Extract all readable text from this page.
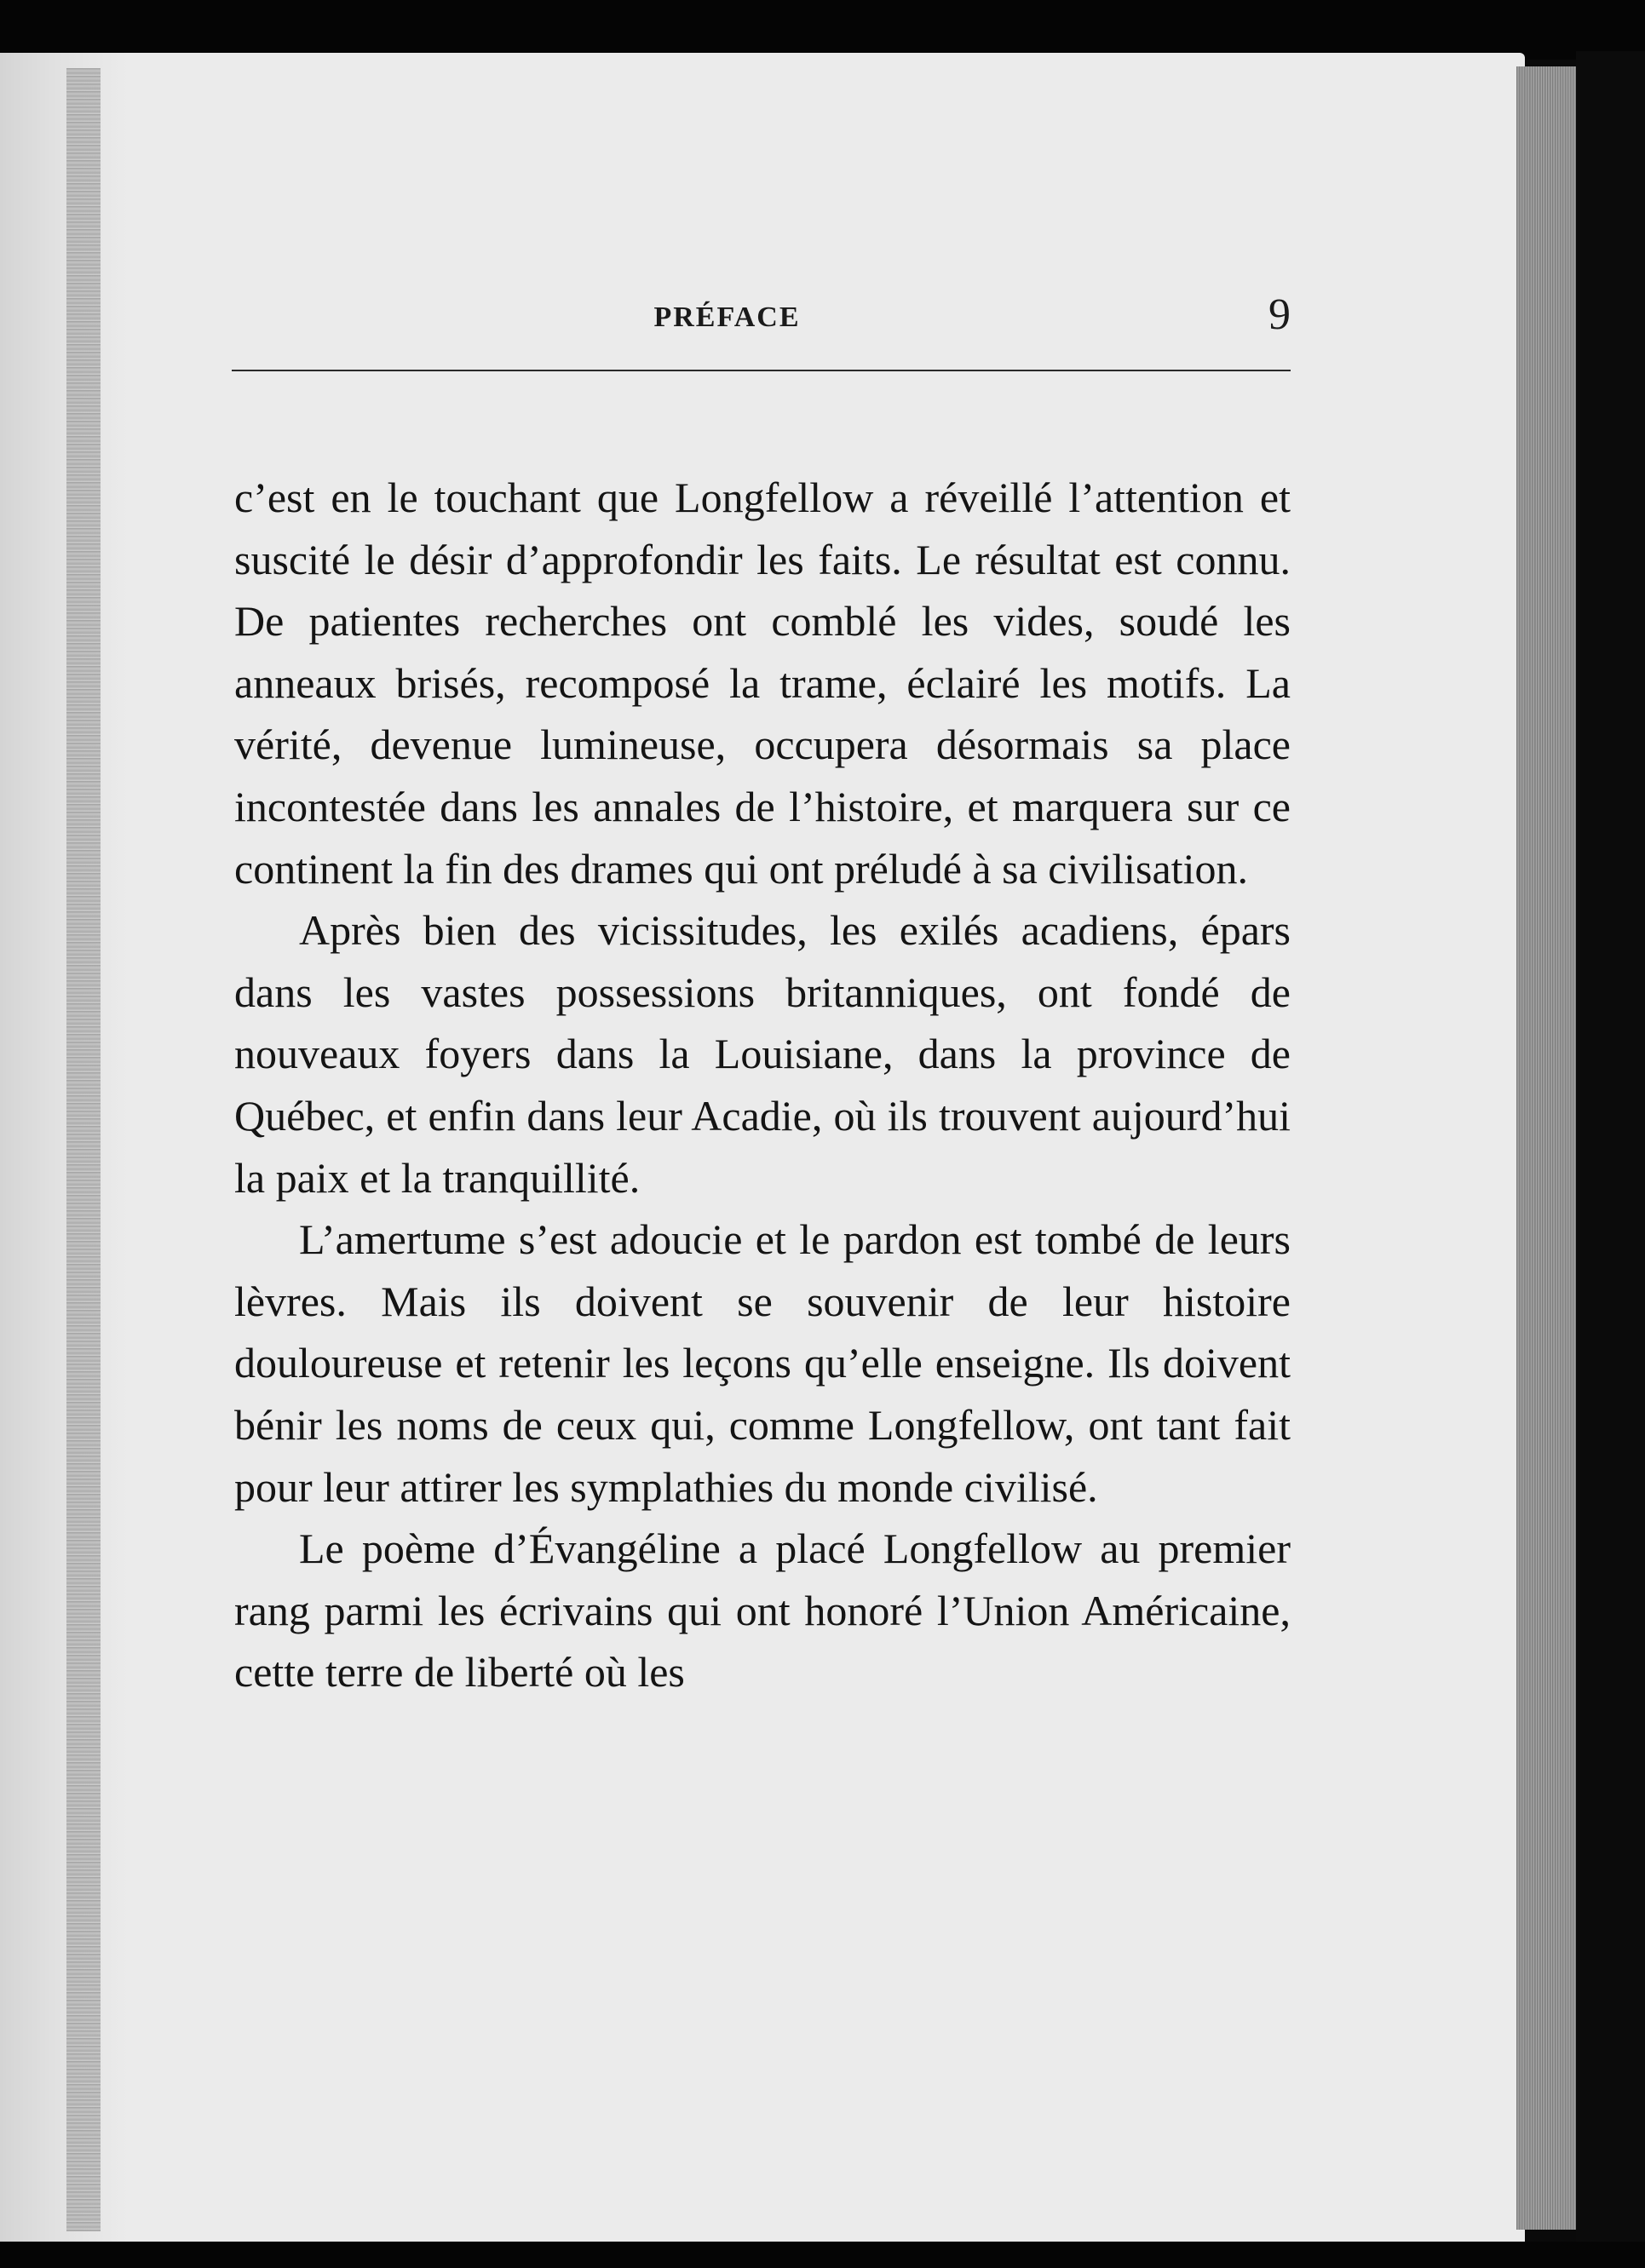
PRÉFACE	9

c’est en le touchant que Longfellow a réveillé l’attention et suscité le désir d’approfondir les faits. Le résultat est connu. De patientes recherches ont comblé les vides, soudé les anneaux brisés, recomposé la trame, éclairé les motifs. La vérité, devenue lumineuse, occupera désormais sa place incontestée dans les annales de l’histoire, et marquera sur ce continent la fin des drames qui ont préludé à sa civilisation.

Après bien des vicissitudes, les exilés acadiens, épars dans les vastes possessions britanniques, ont fondé de nouveaux foyers dans la Louisiane, dans la province de Québec, et enfin dans leur Acadie, où ils trouvent aujourd’hui la paix et la tranquillité.

L’amertume s’est adoucie et le pardon est tombé de leurs lèvres. Mais ils doivent se souvenir de leur histoire douloureuse et retenir les leçons qu’elle enseigne. Ils doivent bénir les noms de ceux qui, comme Longfellow, ont tant fait pour leur attirer les symplathies du monde civilisé.

Le poème d’Évangéline a placé Longfellow au premier rang parmi les écrivains qui ont honoré l’Union Américaine, cette terre de liberté où les
